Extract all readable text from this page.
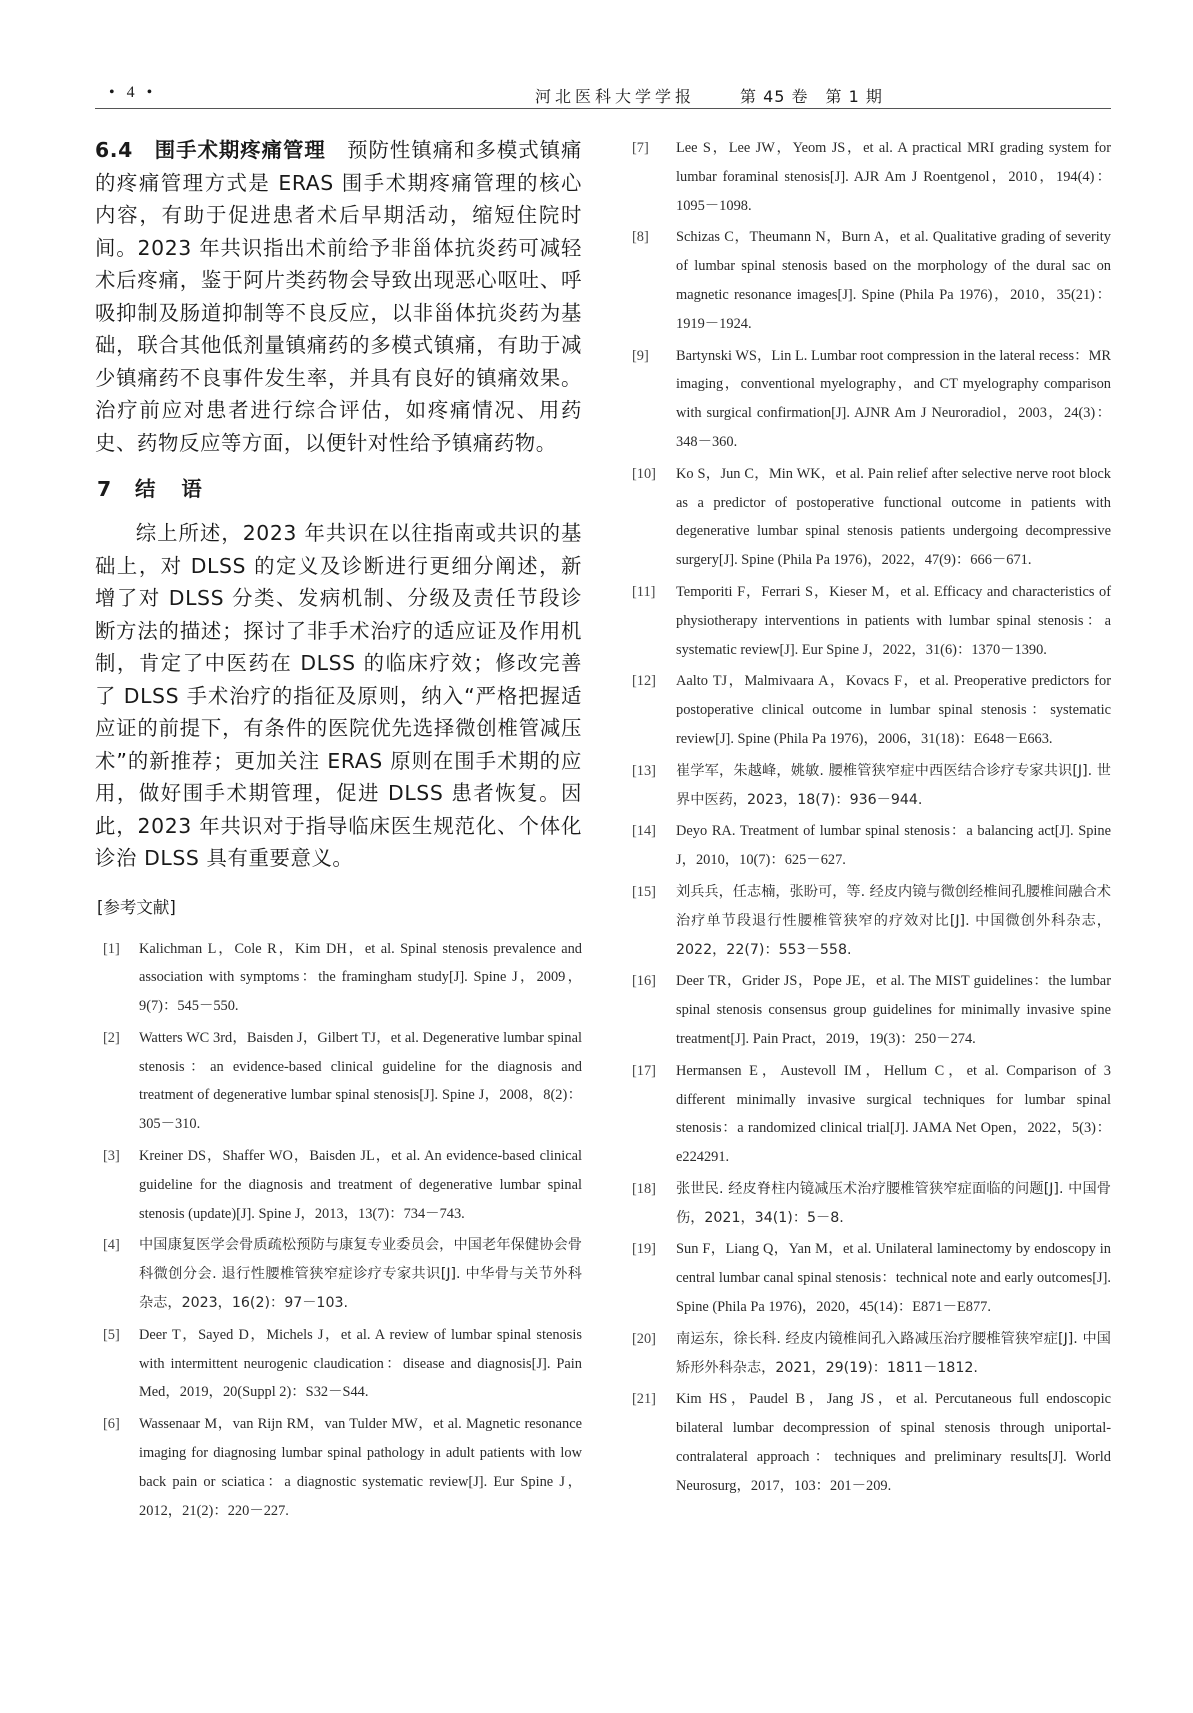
• 4 •	河北医科大学学报	第 45 卷　第 1 期

6.4　围手术期疼痛管理　预防性镇痛和多模式镇痛的疼痛管理方式是 ERAS 围手术期疼痛管理的核心内容，有助于促进患者术后早期活动，缩短住院时间。2023 年共识指出术前给予非甾体抗炎药可减轻术后疼痛，鉴于阿片类药物会导致出现恶心呕吐、呼吸抑制及肠道抑制等不良反应，以非甾体抗炎药为基础，联合其他低剂量镇痛药的多模式镇痛，有助于减少镇痛药不良事件发生率，并具有良好的镇痛效果。治疗前应对患者进行综合评估，如疼痛情况、用药史、药物反应等方面，以便针对性给予镇痛药物。

7 结语

综上所述，2023 年共识在以往指南或共识的基础上，对 DLSS 的定义及诊断进行更细分阐述，新增了对 DLSS 分类、发病机制、分级及责任节段诊断方法的描述；探讨了非手术治疗的适应证及作用机制，肯定了中医药在 DLSS 的临床疗效；修改完善了 DLSS 手术治疗的指征及原则，纳入“严格把握适应证的前提下，有条件的医院优先选择微创椎管减压术”的新推荐；更加关注 ERAS 原则在围手术期的应用，做好围手术期管理，促进 DLSS 患者恢复。因此，2023 年共识对于指导临床医生规范化、个体化诊治 DLSS 具有重要意义。

[参考文献]
[1]	Kalichman L，Cole R，Kim DH，et al. Spinal stenosis prevalence and association with symptoms：the framingham study[J]. Spine J，2009，9(7)：545－550.
[2]	Watters WC 3rd，Baisden J，Gilbert TJ，et al. Degenerative lumbar spinal stenosis：an evidence-based clinical guideline for the diagnosis and treatment of degenerative lumbar spinal stenosis[J]. Spine J，2008，8(2)：305－310.
[3]	Kreiner DS，Shaffer WO，Baisden JL，et al. An evidence-based clinical guideline for the diagnosis and treatment of degenerative lumbar spinal stenosis (update)[J]. Spine J，2013，13(7)：734－743.
[4]	中国康复医学会骨质疏松预防与康复专业委员会，中国老年保健协会骨科微创分会. 退行性腰椎管狭窄症诊疗专家共识[J]. 中华骨与关节外科杂志，2023，16(2)：97－103.
[5]	Deer T，Sayed D，Michels J，et al. A review of lumbar spinal stenosis with intermittent neurogenic claudication：disease and diagnosis[J]. Pain Med，2019，20(Suppl 2)：S32－S44.
[6]	Wassenaar M，van Rijn RM，van Tulder MW，et al. Magnetic resonance imaging for diagnosing lumbar spinal pathology in adult patients with low back pain or sciatica：a diagnostic systematic review[J]. Eur Spine J，2012，21(2)：220－227.
[7]	Lee S，Lee JW，Yeom JS，et al. A practical MRI grading system for lumbar foraminal stenosis[J]. AJR Am J Roentgenol，2010，194(4)：1095－1098.
[8]	Schizas C，Theumann N，Burn A，et al. Qualitative grading of severity of lumbar spinal stenosis based on the morphology of the dural sac on magnetic resonance images[J]. Spine (Phila Pa 1976)，2010，35(21)：1919－1924.
[9]	Bartynski WS，Lin L. Lumbar root compression in the lateral recess：MR imaging，conventional myelography，and CT myelography comparison with surgical confirmation[J]. AJNR Am J Neuroradiol，2003，24(3)：348－360.
[10]	Ko S，Jun C，Min WK，et al. Pain relief after selective nerve root block as a predictor of postoperative functional outcome in patients with degenerative lumbar spinal stenosis patients undergoing decompressive surgery[J]. Spine (Phila Pa 1976)，2022，47(9)：666－671.
[11]	Temporiti F，Ferrari S，Kieser M，et al. Efficacy and characteristics of physiotherapy interventions in patients with lumbar spinal stenosis：a systematic review[J]. Eur Spine J，2022，31(6)：1370－1390.
[12]	Aalto TJ，Malmivaara A，Kovacs F，et al. Preoperative predictors for postoperative clinical outcome in lumbar spinal stenosis：systematic review[J]. Spine (Phila Pa 1976)，2006，31(18)：E648－E663.
[13]	崔学军，朱越峰，姚敏. 腰椎管狭窄症中西医结合诊疗专家共识[J]. 世界中医药，2023，18(7)：936－944.
[14]	Deyo RA. Treatment of lumbar spinal stenosis：a balancing act[J]. Spine J，2010，10(7)：625－627.
[15]	刘兵兵，任志楠，张盼可，等. 经皮内镜与微创经椎间孔腰椎间融合术治疗单节段退行性腰椎管狭窄的疗效对比[J]. 中国微创外科杂志，2022，22(7)：553－558.
[16]	Deer TR，Grider JS，Pope JE，et al. The MIST guidelines：the lumbar spinal stenosis consensus group guidelines for minimally invasive spine treatment[J]. Pain Pract，2019，19(3)：250－274.
[17]	Hermansen E，Austevoll IM，Hellum C，et al. Comparison of 3 different minimally invasive surgical techniques for lumbar spinal stenosis：a randomized clinical trial[J]. JAMA Net Open，2022，5(3)：e224291.
[18]	张世民. 经皮脊柱内镜减压术治疗腰椎管狭窄症面临的问题[J]. 中国骨伤，2021，34(1)：5－8.
[19]	Sun F，Liang Q，Yan M，et al. Unilateral laminectomy by endoscopy in central lumbar canal spinal stenosis：technical note and early outcomes[J]. Spine (Phila Pa 1976)，2020，45(14)：E871－E877.
[20]	南运东，徐长科. 经皮内镜椎间孔入路减压治疗腰椎管狭窄症[J]. 中国矫形外科杂志，2021，29(19)：1811－1812.
[21]	Kim HS，Paudel B，Jang JS，et al. Percutaneous full endoscopic bilateral lumbar decompression of spinal stenosis through uniportal-contralateral approach：techniques and preliminary results[J]. World Neurosurg，2017，103：201－209.
